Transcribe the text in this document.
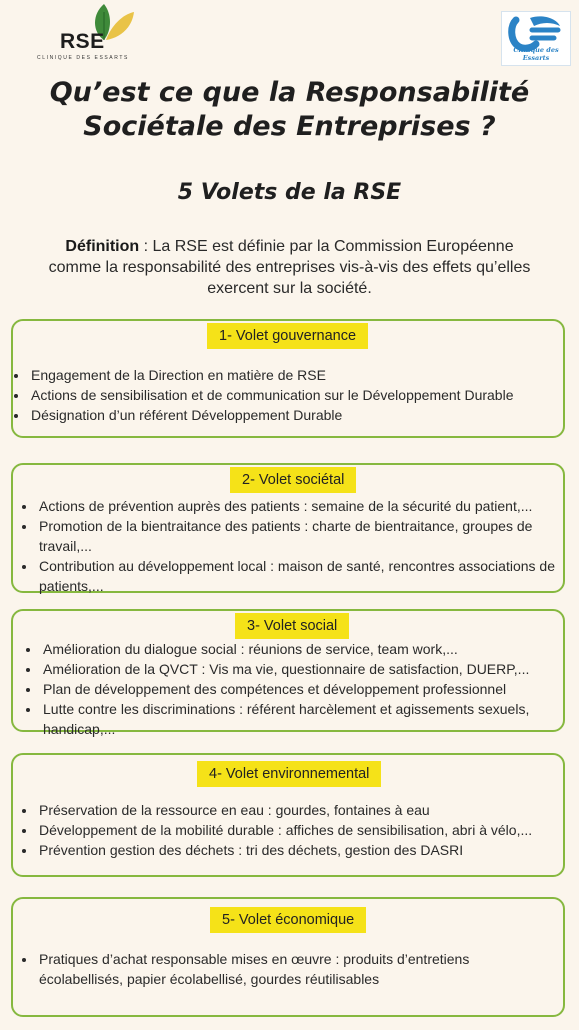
RSE
CLINIQUE DES ESSARTS
Clinique des Essarts
Qu’est ce que la Responsabilité
Sociétale des Entreprises ?
5 Volets de la RSE
Définition : La RSE est définie par la Commission Européenne
comme la responsabilité des entreprises vis-à-vis des effets qu’elles
exercent sur la société.
1- Volet gouvernance
• Engagement de la Direction en matière de RSE
• Actions de sensibilisation et de communication sur le Développement Durable
• Désignation d’un référent Développement Durable
2- Volet sociétal
• Actions de prévention auprès des patients : semaine de la sécurité du patient,...
• Promotion de la bientraitance des patients : charte de bientraitance, groupes de travail,...
• Contribution au développement local : maison de santé, rencontres associations de patients,...
3- Volet social
• Amélioration du dialogue social : réunions de service, team work,...
• Amélioration de la QVCT : Vis ma vie, questionnaire de satisfaction, DUERP,...
• Plan de développement des compétences et développement professionnel
• Lutte contre les discriminations : référent harcèlement et agissements sexuels, handicap,...
4- Volet environnemental
• Préservation de la ressource en eau : gourdes, fontaines à eau
• Développement de la mobilité durable : affiches de sensibilisation, abri à vélo,...
• Prévention gestion des déchets : tri des déchets, gestion des DASRI
5- Volet économique
• Pratiques d’achat responsable mises en œuvre : produits d’entretiens écolabellisés, papier écolabellisé, gourdes réutilisables
